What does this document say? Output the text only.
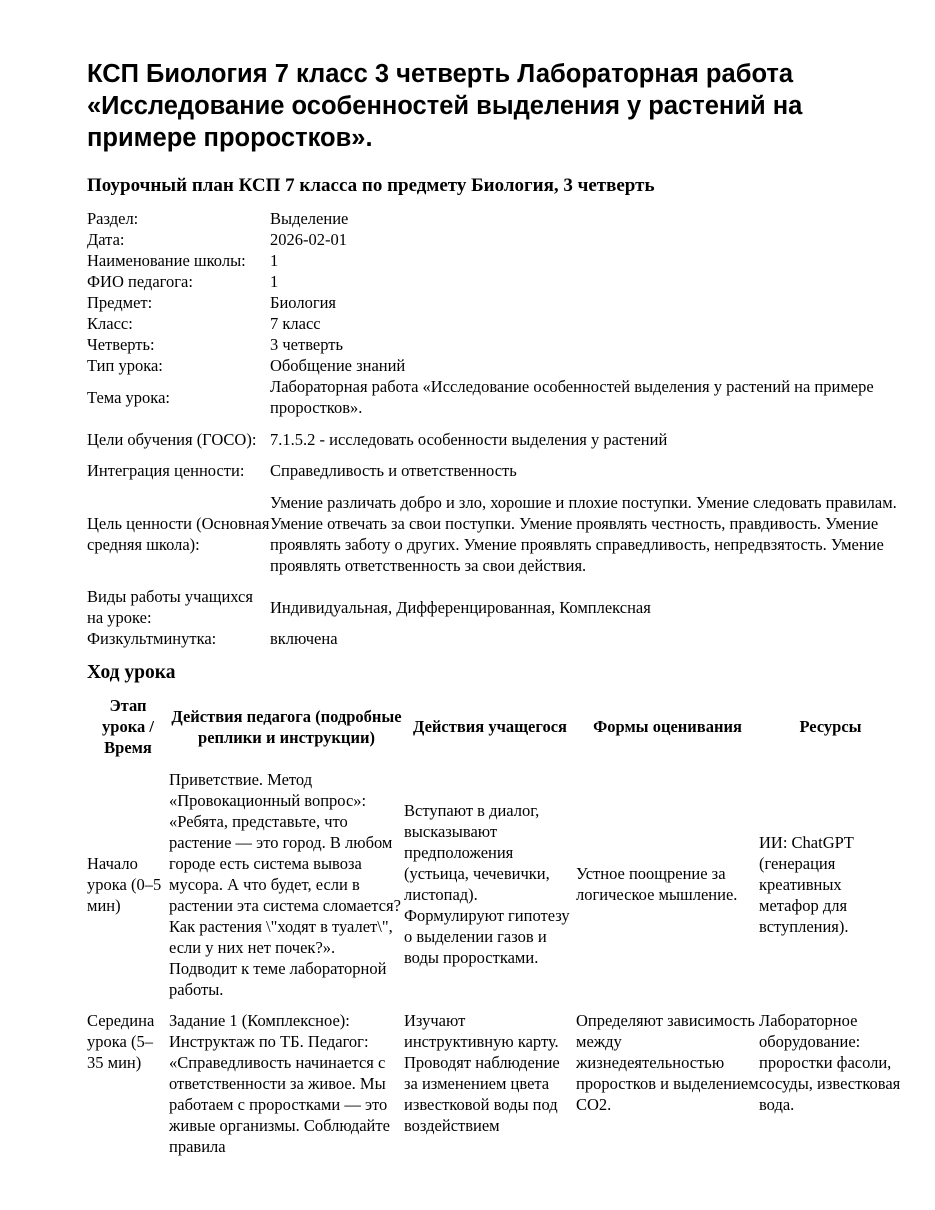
КСП Биология 7 класс 3 четверть Лабораторная работа «Исследование особенностей выделения у растений на примере проростков».
Поурочный план КСП 7 класса по предмету Биология, 3 четверть
Раздел:	Выделение
Дата:	2026-02-01
Наименование школы:	1
ФИО педагога:	1
Предмет:	Биология
Класс:	7 класс
Четверть:	3 четверть
Тип урока:	Обобщение знаний
Тема урока:	Лабораторная работа «Исследование особенностей выделения у растений на примере проростков».
Цели обучения (ГОСО):	7.1.5.2 - исследовать особенности выделения у растений
Интеграция ценности:	Справедливость и ответственность
Цель ценности (Основная средняя школа):	Умение различать добро и зло, хорошие и плохие поступки. Умение следовать правилам. Умение отвечать за свои поступки. Умение проявлять честность, правдивость. Умение проявлять заботу о других. Умение проявлять справедливость, непредвзятость. Умение проявлять ответственность за свои действия.
Виды работы учащихся на уроке:	Индивидуальная, Дифференцированная, Комплексная
Физкультминутка:	включена
Ход урока
Этап урока / Время	Действия педагога (подробные реплики и инструкции)	Действия учащегося	Формы оценивания	Ресурсы
Начало урока (0–5 мин)	Приветствие. Метод «Провокационный вопрос»: «Ребята, представьте, что растение — это город. В любом городе есть система вывоза мусора. А что будет, если в растении эта система сломается? Как растения \"ходят в туалет\", если у них нет почек?». Подводит к теме лабораторной работы.	Вступают в диалог, высказывают предположения (устьица, чечевички, листопад). Формулируют гипотезу о выделении газов и воды проростками.	Устное поощрение за логическое мышление.	ИИ: ChatGPT (генерация креативных метафор для вступления).
Середина урока (5–35 мин)	Задание 1 (Комплексное): Инструктаж по ТБ. Педагог: «Справедливость начинается с ответственности за живое. Мы работаем с проростками — это живые организмы. Соблюдайте правила	Изучают инструктивную карту. Проводят наблюдение за изменением цвета известковой воды под воздействием	Определяют зависимость между жизнедеятельностью проростков и выделением CO2.	Лабораторное оборудование: проростки фасоли, сосуды, известковая вода.
